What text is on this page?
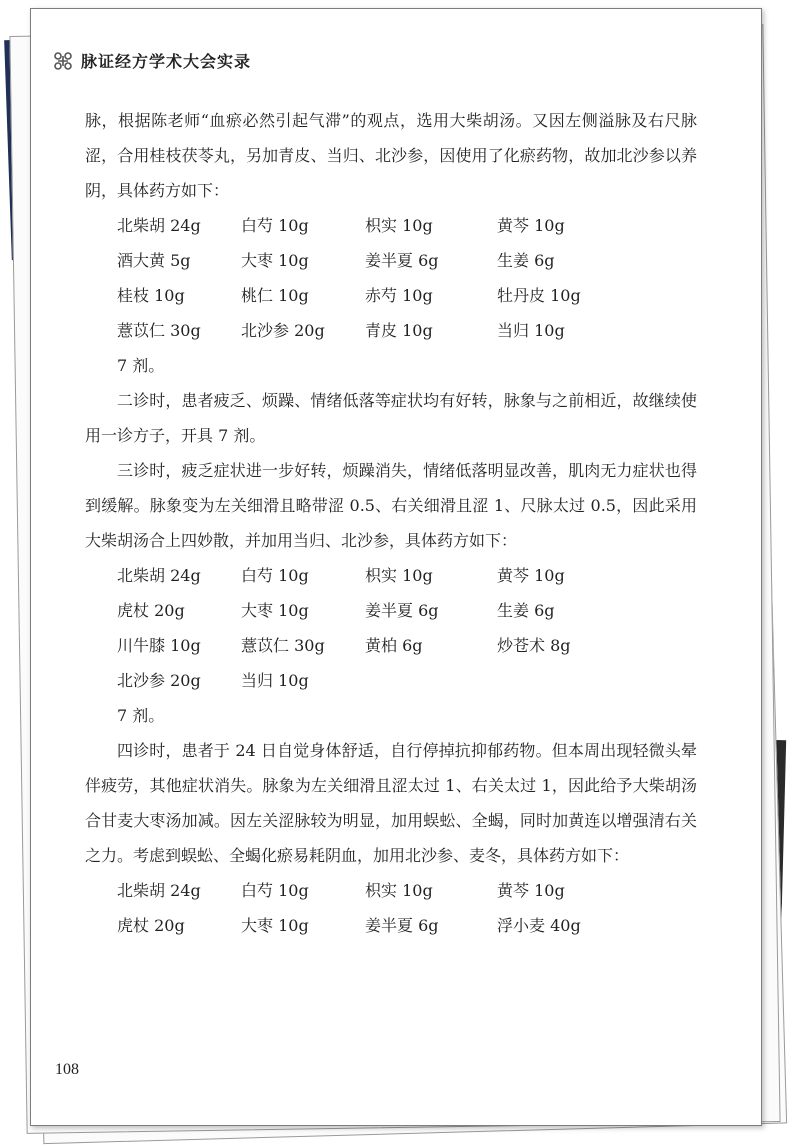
脉证经方学术大会实录

脉，根据陈老师“血瘀必然引起气滞”的观点，选用大柴胡汤。又因左侧溢脉及右尺脉涩，合用桂枝茯苓丸，另加青皮、当归、北沙参，因使用了化瘀药物，故加北沙参以养阴，具体药方如下：

北柴胡 24g	白芍 10g	枳实 10g	黄芩 10g
酒大黄 5g	大枣 10g	姜半夏 6g	生姜 6g
桂枝 10g	桃仁 10g	赤芍 10g	牡丹皮 10g
薏苡仁 30g	北沙参 20g	青皮 10g	当归 10g

7 剂。

二诊时，患者疲乏、烦躁、情绪低落等症状均有好转，脉象与之前相近，故继续使用一诊方子，开具 7 剂。

三诊时，疲乏症状进一步好转，烦躁消失，情绪低落明显改善，肌肉无力症状也得到缓解。脉象变为左关细滑且略带涩 0.5、右关细滑且涩 1、尺脉太过 0.5，因此采用大柴胡汤合上四妙散，并加用当归、北沙参，具体药方如下：

北柴胡 24g	白芍 10g	枳实 10g	黄芩 10g
虎杖 20g	大枣 10g	姜半夏 6g	生姜 6g
川牛膝 10g	薏苡仁 30g	黄柏 6g	炒苍术 8g
北沙参 20g	当归 10g

7 剂。

四诊时，患者于 24 日自觉身体舒适，自行停掉抗抑郁药物。但本周出现轻微头晕伴疲劳，其他症状消失。脉象为左关细滑且涩太过 1、右关太过 1，因此给予大柴胡汤合甘麦大枣汤加减。因左关涩脉较为明显，加用蜈蚣、全蝎，同时加黄连以增强清右关之力。考虑到蜈蚣、全蝎化瘀易耗阴血，加用北沙参、麦冬，具体药方如下：

北柴胡 24g	白芍 10g	枳实 10g	黄芩 10g
虎杖 20g	大枣 10g	姜半夏 6g	浮小麦 40g
108
